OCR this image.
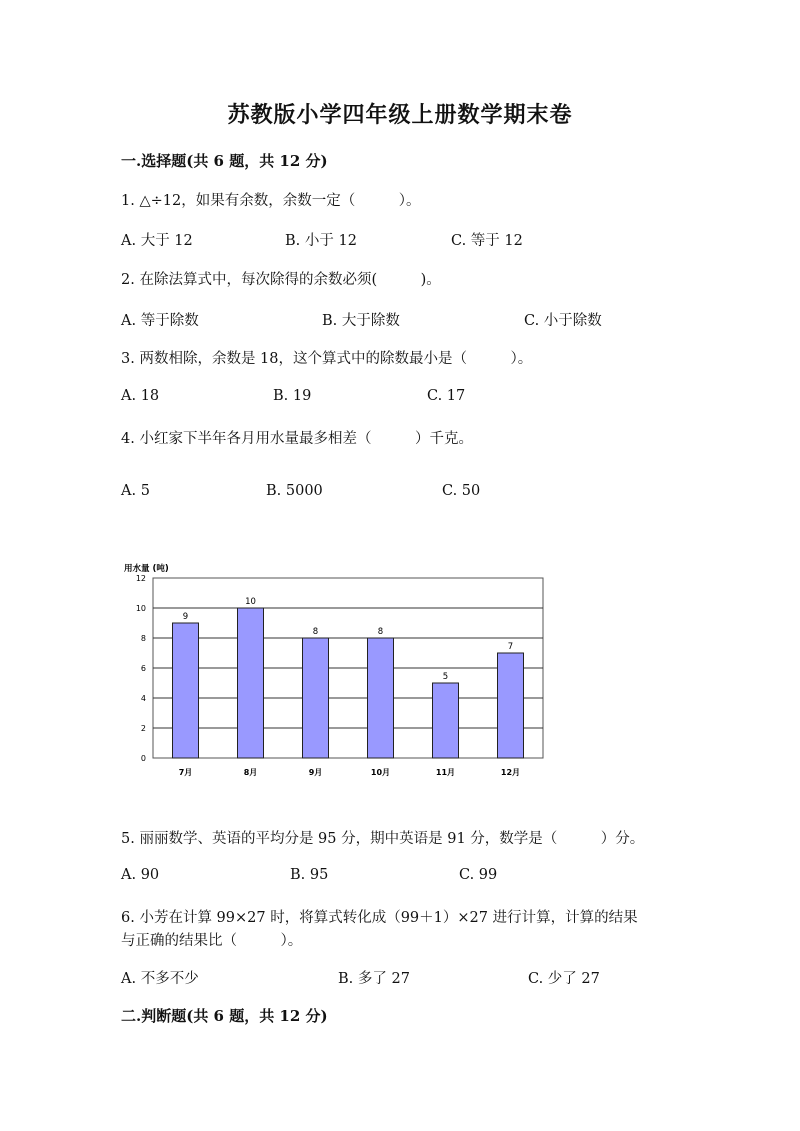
苏教版小学四年级上册数学期末卷
一.选择题(共 6 题，共 12 分)
1. △÷12，如果有余数，余数一定（　　　）。
A. 大于 12	B. 小于 12	C. 等于 12
2. 在除法算式中，每次除得的余数必须(　　　)。
A. 等于除数	B. 大于除数	C. 小于除数
3. 两数相除，余数是 18，这个算式中的除数最小是（　　　）。
A. 18	B. 19	C. 17
4. 小红家下半年各月用水量最多相差（　　　）千克。
A. 5	B. 5000	C. 50
0
2
4
6
8
10
12
9
7月
10
8月
8
9月
8
10月
5
11月
7
12月
用水量 (吨)
5. 丽丽数学、英语的平均分是 95 分，期中英语是 91 分，数学是（　　　）分。
A. 90	B. 95	C. 99
6. 小芳在计算 99×27 时，将算式转化成（99＋1）×27 进行计算，计算的结果
与正确的结果比（　　　）。
A. 不多不少	B. 多了 27	C. 少了 27
二.判断题(共 6 题，共 12 分)
